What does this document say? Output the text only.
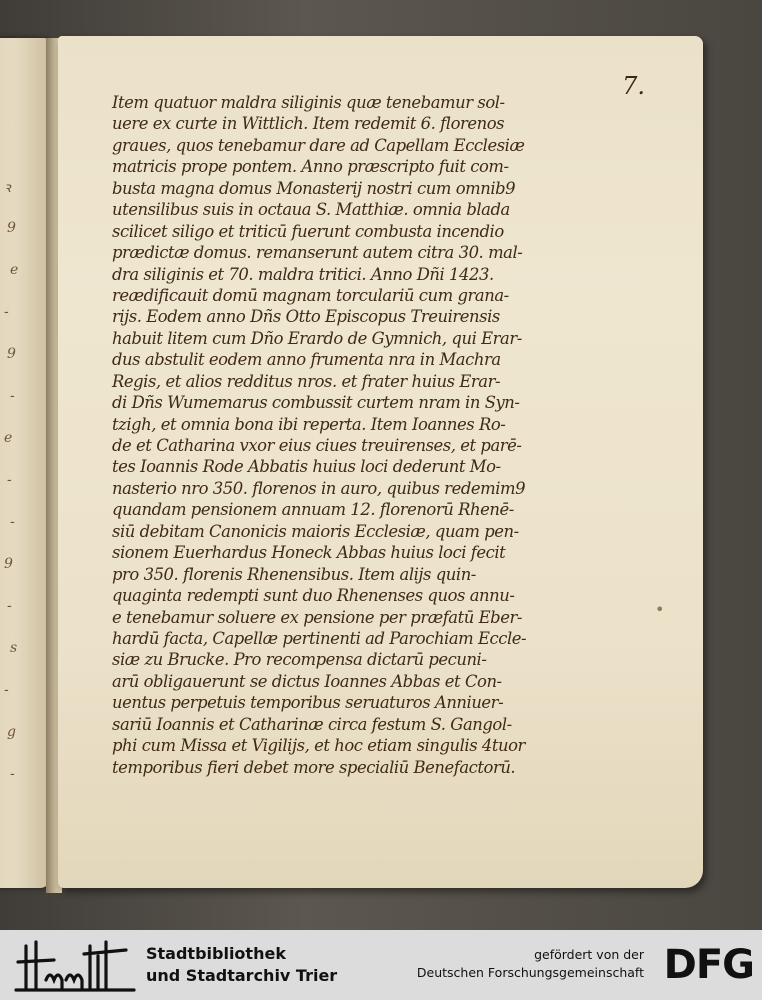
ꝛ
9
e
-
9
-
e
-
-
9
-
s
-
g
-
7.
Item quatuor maldra siliginis quæ tenebamur sol-
uere ex curte in Wittlich. Item redemit 6. florenos
graues, quos tenebamur dare ad Capellam Ecclesiæ
matricis prope pontem. Anno præscripto fuit com-
busta magna domus Monasterij nostri cum omnib9
utensilibus suis in octaua S. Matthiæ. omnia blada
scilicet siligo et triticū fuerunt combusta incendio
prædictæ domus. remanserunt autem citra 30. mal-
dra siliginis et 70. maldra tritici. Anno Dñi 1423.
reædificauit domū magnam torculariū cum grana-
rijs. Eodem anno Dñs Otto Episcopus Treuirensis
habuit litem cum Dño Erardo de Gymnich, qui Erar-
dus abstulit eodem anno frumenta nra in Machra
Regis, et alios redditus nros. et frater huius Erar-
di Dñs Wumemarus combussit curtem nram in Syn-
tzigh, et omnia bona ibi reperta. Item Ioannes Ro-
de et Catharina vxor eius ciues treuirenses, et parē-
tes Ioannis Rode Abbatis huius loci dederunt Mo-
nasterio nro 350. florenos in auro, quibus redemim9
quandam pensionem annuam 12. florenorū Rhenē-
siū debitam Canonicis maioris Ecclesiæ, quam pen-
sionem Euerhardus Honeck Abbas huius loci fecit
pro 350. florenis Rhenensibus. Item alijs quin-
quaginta redempti sunt duo Rhenenses quos annu-
e tenebamur soluere ex pensione per præfatū Eber-
hardū facta, Capellæ pertinenti ad Parochiam Eccle-
siæ zu Brucke. Pro recompensa dictarū pecuni-
arū obligauerunt se dictus Ioannes Abbas et Con-
uentus perpetuis temporibus seruaturos Anniuer-
sariū Ioannis et Catharinæ circa festum S. Gangol-
phi cum Missa et Vigilijs, et hoc etiam singulis 4tuor
temporibus fieri debet more specialiū Benefactorū.
•
Stadtbibliothek
und Stadtarchiv Trier
gefördert von der
Deutschen Forschungsgemeinschaft DFG
